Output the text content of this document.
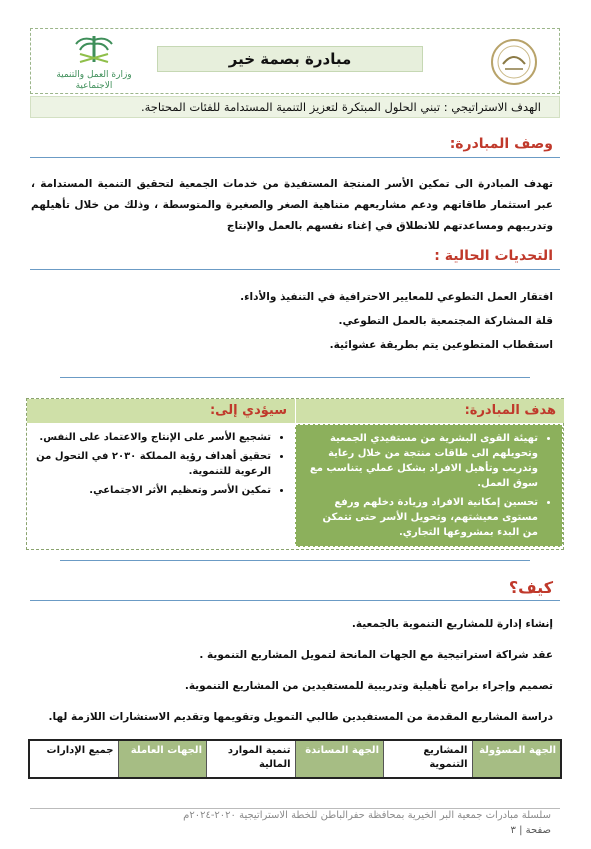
وزارة العمل والتنمية الاجتماعية
مبادرة بصمة خير
الهدف الاستراتيجي : تبني الحلول المبتكرة لتعزيز التنمية المستدامة للفئات المحتاجة.
وصف المبادرة:
تهدف المبادرة الى تمكين الأسر المنتجة المستفيدة من خدمات الجمعية لتحقيق التنمية المستدامة ، عبر استثمار طاقاتهم ودعم مشاريعهم متناهية الصغر والصغيرة والمتوسطة ، وذلك من خلال تأهيلهم وتدريبهم ومساعدتهم للانطلاق في إغناء نفسهم بالعمل والإنتاج
التحديات الحالية :
افتقار العمل التطوعي للمعايير الاحترافية في التنفيذ والأداء.
قلة المشاركة المجتمعية بالعمل التطوعي.
استقطاب المتطوعين يتم بطريقة عشوائية.
هدف المبادرة:
سيؤدي إلى:
• تهيئة القوى البشرية من مستفيدي الجمعية وتحويلهم الى طاقات منتجة من خلال رعاية وتدريب وتأهيل الافراد بشكل عملي يتناسب مع سوق العمل.
• تحسين إمكانية الافراد وزيادة دخلهم ورفع مستوى معيشتهم، وتحويل الأسر حتى تتمكن من البدء بمشروعها التجاري.
• تشجيع الأسر على الإنتاج والاعتماد على النفس.
• تحقيق أهداف رؤية المملكة ٢٠٣٠ في التحول من الرعوية للتنموية.
• تمكين الأسر وتعظيم الأثر الاجتماعي.
كيف؟
إنشاء إدارة للمشاريع التنموية بالجمعية.
عقد شراكة استراتيجية مع الجهات المانحة لتمويل المشاريع التنموية .
تصميم وإجراء برامج تأهيلية وتدريبية للمستفيدين من المشاريع التنموية.
دراسة المشاريع المقدمة من المستفيدين طالبي التمويل وتقويمها وتقديم الاستشارات اللازمة لها.
الجهة المسؤولة
المشاريع التنموية
الجهة المساندة
تنمية الموارد المالية
الجهات العاملة
جميع الإدارات
سلسلة مبادرات جمعية البر الخيرية بمحافظة حفرالباطن للخطة الاستراتيجية ٢٠٢٠-٢٠٢٤م
صفحة | ٣
